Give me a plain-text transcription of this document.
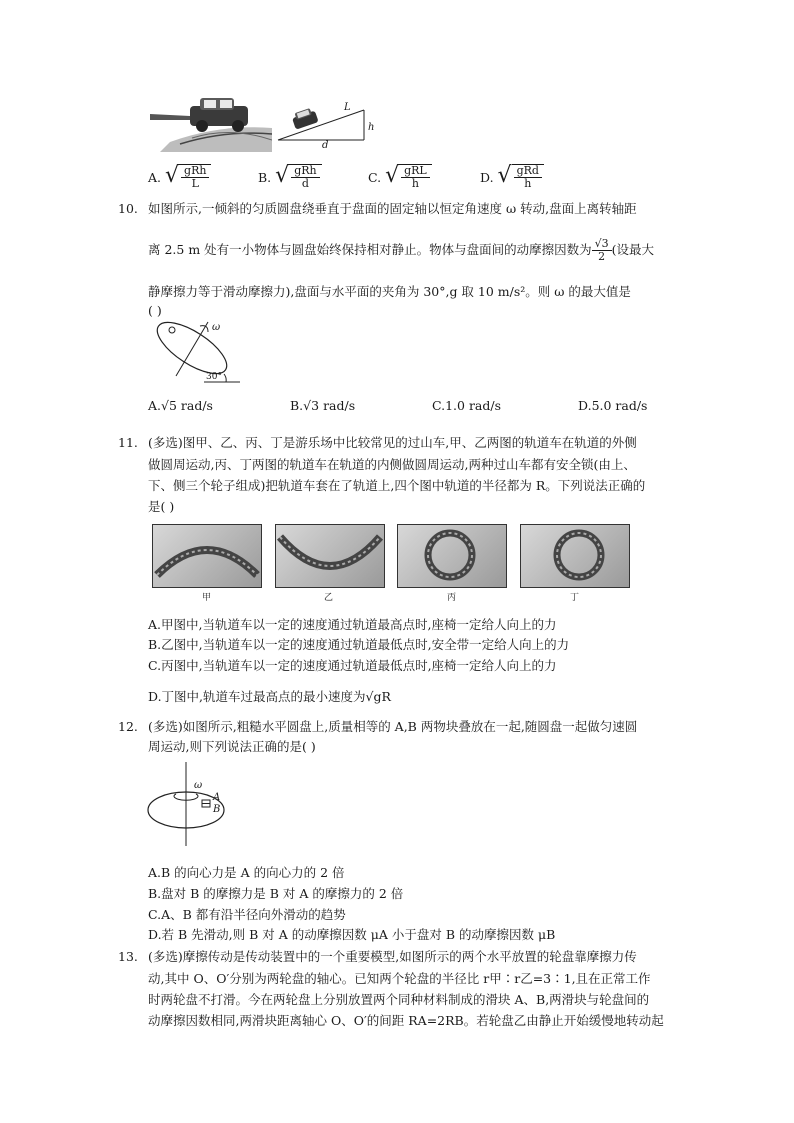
L
h
d
A. √ $\frac{\text{gRh}}{L}$	B. √ $\frac{\text{gRh}}{d}$	C. √ $\frac{\text{gRL}}{h}$	D. √ $\frac{\text{gRd}}{h}$
10. 如图所示,一倾斜的匀质圆盘绕垂直于盘面的固定轴以恒定角速度 ω 转动,盘面上离转轴距
离 2.5 m 处有一小物体与圆盘始终保持相对静止。物体与盘面间的动摩擦因数为 $\frac{√3}{2}$ (设最大
静摩擦力等于滑动摩擦力),盘面与水平面的夹角为 30°,g 取 10 m/s²。则 ω 的最大值是
( )
ω
30°
A.√5 rad/s	B.√3 rad/s	C.1.0 rad/s	D.5.0 rad/s
11. (多选)图甲、乙、丙、丁是游乐场中比较常见的过山车,甲、乙两图的轨道车在轨道的外侧
做圆周运动,丙、丁两图的轨道车在轨道的内侧做圆周运动,两种过山车都有安全锁(由上、
下、侧三个轮子组成)把轨道车套在了轨道上,四个图中轨道的半径都为 R。下列说法正确的
是( )
甲	乙	丙	丁
A.甲图中,当轨道车以一定的速度通过轨道最高点时,座椅一定给人向上的力
B.乙图中,当轨道车以一定的速度通过轨道最低点时,安全带一定给人向上的力
C.丙图中,当轨道车以一定的速度通过轨道最低点时,座椅一定给人向上的力
D.丁图中,轨道车过最高点的最小速度为√gR
12. (多选)如图所示,粗糙水平圆盘上,质量相等的 A,B 两物块叠放在一起,随圆盘一起做匀速圆
周运动,则下列说法正确的是( )
ω
A
B
A.B 的向心力是 A 的向心力的 2 倍
B.盘对 B 的摩擦力是 B 对 A 的摩擦力的 2 倍
C.A、B 都有沿半径向外滑动的趋势
D.若 B 先滑动,则 B 对 A 的动摩擦因数 μA 小于盘对 B 的动摩擦因数 μB
13. (多选)摩擦传动是传动装置中的一个重要模型,如图所示的两个水平放置的轮盘靠摩擦力传
动,其中 O、O′分别为两轮盘的轴心。已知两个轮盘的半径比 r甲∶r乙=3∶1,且在正常工作
时两轮盘不打滑。今在两轮盘上分别放置两个同种材料制成的滑块 A、B,两滑块与轮盘间的
动摩擦因数相同,两滑块距离轴心 O、O′的间距 RA=2RB。若轮盘乙由静止开始缓慢地转动起
